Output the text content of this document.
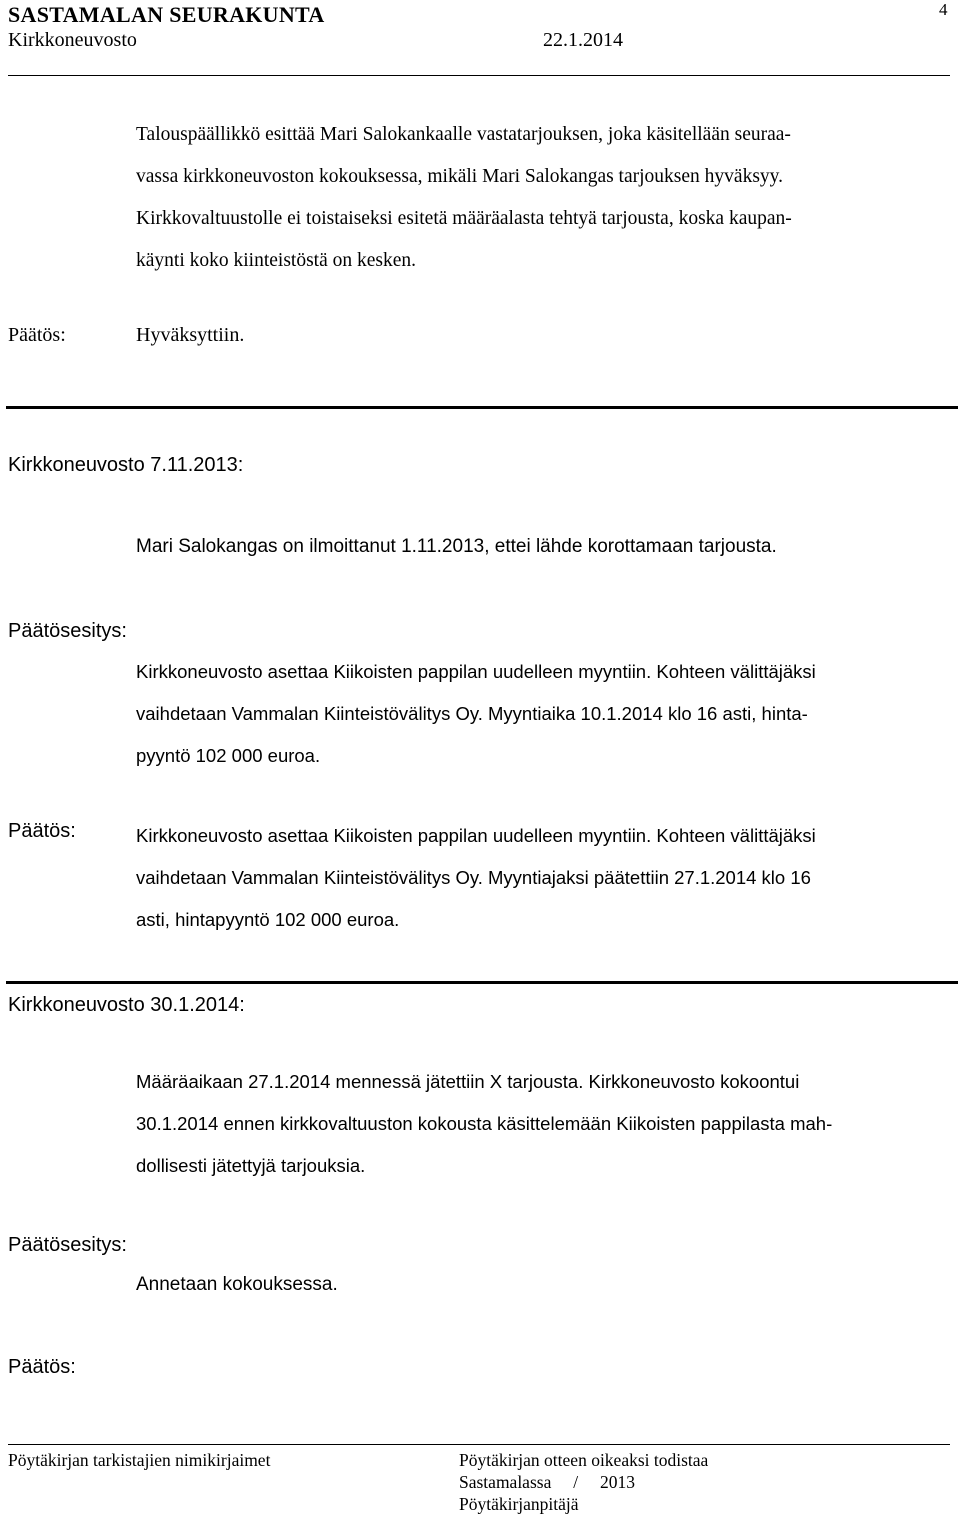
SASTAMALAN SEURAKUNTA
Kirkkoneuvosto	22.1.2014
4
Talouspäällikkö esittää Mari Salokankaalle vastatarjouksen, joka käsitellään seuraa-
vassa kirkkoneuvoston kokouksessa, mikäli Mari Salokangas tarjouksen hyväksyy.
Kirkkovaltuustolle ei toistaiseksi esitetä määräalasta tehtyä tarjousta, koska kaupan-
käynti koko kiinteistöstä on kesken.
Päätös:	Hyväksyttiin.
Kirkkoneuvosto 7.11.2013:
Mari Salokangas on ilmoittanut 1.11.2013, ettei lähde korottamaan tarjousta.
Päätösesitys:
Kirkkoneuvosto asettaa Kiikoisten pappilan uudelleen myyntiin. Kohteen välittäjäksi
vaihdetaan Vammalan Kiinteistövälitys Oy. Myyntiaika 10.1.2014 klo 16 asti, hinta-
pyyntö 102 000 euroa.
Päätös:	Kirkkoneuvosto asettaa Kiikoisten pappilan uudelleen myyntiin. Kohteen välittäjäksi
vaihdetaan Vammalan Kiinteistövälitys Oy. Myyntiajaksi päätettiin 27.1.2014 klo 16
asti, hintapyyntö 102 000 euroa.
Kirkkoneuvosto 30.1.2014:
Määräaikaan 27.1.2014 mennessä jätettiin X tarjousta. Kirkkoneuvosto kokoontui
30.1.2014 ennen kirkkovaltuuston kokousta käsittelemään Kiikoisten pappilasta mah-
dollisesti jätettyjä tarjouksia.
Päätösesitys:
Annetaan kokouksessa.
Päätös:
Pöytäkirjan tarkistajien nimikirjaimet	Pöytäkirjan otteen oikeaksi todistaa
Sastamalassa     /     2013
Pöytäkirjanpitäjä
